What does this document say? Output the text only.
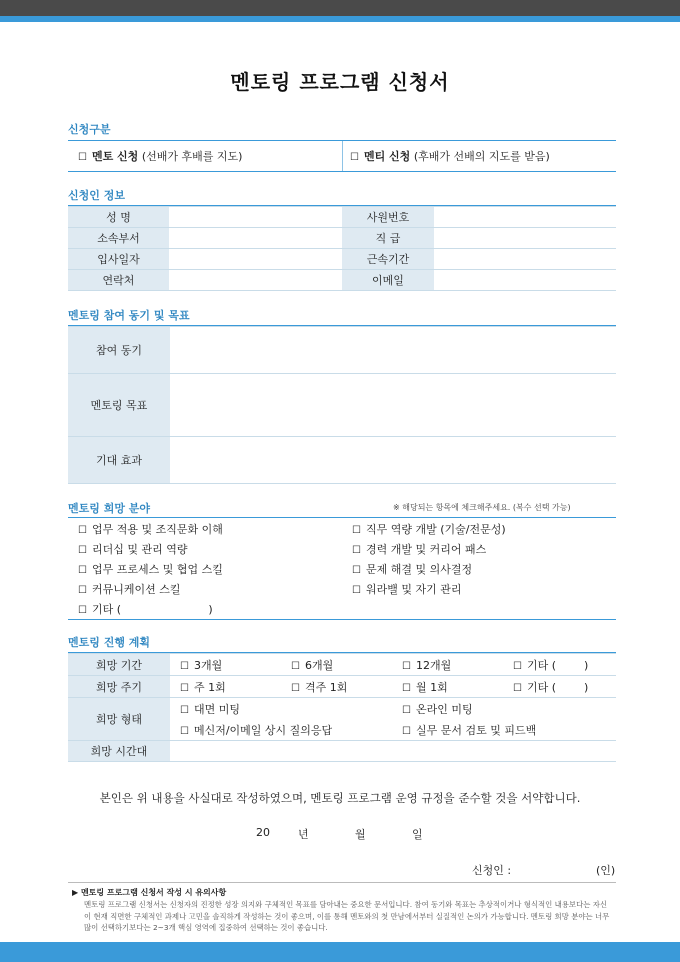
멘토링 프로그램 신청서
신청구분
☐ 멘토 신청 (선배가 후배를 지도)	☐ 멘티 신청 (후배가 선배의 지도를 받음)
신청인 정보
성 명		사원번호	
소속부서		직 급	
입사일자		근속기간	
연락처		이메일	
멘토링 참여 동기 및 목표
참여 동기	
멘토링 목표	
기대 효과	
멘토링 희망 분야	※ 해당되는 항목에 체크해주세요. (복수 선택 가능)
☐ 업무 적용 및 조직문화 이해
☐ 리더십 및 관리 역량
☐ 업무 프로세스 및 협업 스킬
☐ 커뮤니케이션 스킬
☐ 기타 (                         )
☐ 직무 역량 개발 (기술/전문성)
☐ 경력 개발 및 커리어 패스
☐ 문제 해결 및 의사결정
☐ 워라밸 및 자기 관리
멘토링 진행 계획
희망 기간	☐ 3개월 ☐ 6개월 ☐ 12개월 ☐ 기타 (        )

희망 주기	☐ 주 1회 ☐ 격주 1회 ☐ 월 1회 ☐ 기타 (        )

희망 형태	☐ 대면 미팅 ☐ 온라인 미팅
☐ 메신저/이메일 상시 질의응답 ☐ 실무 문서 검토 및 피드백

희망 시간대	
본인은 위 내용을 사실대로 작성하였으며, 멘토링 프로그램 운영 규정을 준수할 것을 서약합니다.
20	년	월	일
신청인 :	(인)
▶ 멘토링 프로그램 신청서 작성 시 유의사항
멘토링 프로그램 신청서는 신청자의 진정한 성장 의지와 구체적인 목표를 담아내는 중요한 문서입니다. 참여 동기와 목표는 추상적이거나 형식적인 내용보다는 자신이 현재 직면한 구체적인 과제나 고민을 솔직하게 작성하는 것이 좋으며, 이를 통해 멘토와의 첫 만남에서부터 실질적인 논의가 가능합니다. 멘토링 희망 분야는 너무 많이 선택하기보다는 2~3개 핵심 영역에 집중하여 선택하는 것이 좋습니다.
